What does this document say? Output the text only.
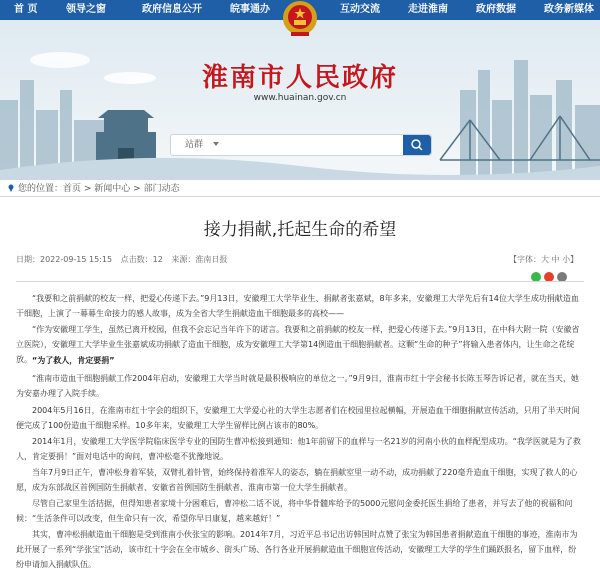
首 页	领导之窗	政府信息公开	皖事通办	互动交流	走进淮南	政府数据	政务新媒体
淮南市人民政府
www.huainan.gov.cn
站群
您的位置：首页 > 新闻中心 > 部门动态
接力捐献,托起生命的希望
日期：2022-09-15 15:15 点击数：12 来源：淮南日报	【字体：大 中 小】
“我要和之前捐献的校友一样，把爱心传递下去。”9月13日，安徽理工大学毕业生、捐献者张嘉斌，8年多来，安徽理工大学先后有14位大学生成功捐献造血干细胞，上演了一幕幕生命接力的感人故事，成为全省大学生捐献造血干细胞最多的高校——
“作为安徽理工学生，虽然已离开校园，但我不会忘记当年许下的诺言。我要和之前捐献的校友一样，把爱心传递下去。”9月13日，在中科大附一院（安徽省立医院），安徽理工大学毕业生张嘉斌成功捐献了造血干细胞，成为安徽理工大学第14例造血干细胞捐献者。这颗“生命的种子”将输入患者体内，让生命之花绽放。 “为了救人，肯定要捐”
“淮南市造血干细胞捐献工作2004年启动，安徽理工大学当时就是最积极响应的单位之一。”9月9日，淮南市红十字会秘书长陈玉琴告诉记者，就在当天，她为安嘉办理了入院手续。
2004年5月16日，在淮南市红十字会的组织下，安徽理工大学爱心社的大学生志愿者们在校园里拉起横幅，开展造血干细胞捐献宣传活动，只用了半天时间便完成了100份造血干细胞采样。10多年来，安徽理工大学生留样比例占该市的80%。
2014年1月，安徽理工大学医学院临床医学专业的国防生曹冲松接到通知：他1年前留下的血样与一名21岁的河南小伙的血样配型成功。“我学医就是为了救人，肯定要捐！”面对电话中的询问，曹冲松毫不犹豫地说。
当年7月9日正午，曹冲松身着军装，双臂扎着针管，始终保持着准军人的姿态，躺在捐献室里一动不动，成功捐献了220毫升造血干细胞，实现了救人的心愿，成为东部战区首例国防生捐献者、安徽省首例国防生捐献者、淮南市第一位大学生捐献者。
尽管自己家里生活拮据，但得知患者家境十分困难后，曹冲松二话不说，将中华骨髓库给予的5000元慰问金委托医生捐给了患者，并写去了他的祝福和问候：“生活条件可以改变，但生命只有一次，希望你早日康复，越来越好！”
其实，曹冲松捐献造血干细胞是受到淮南小伙张宝的影响。2014年7月，习近平总书记出访韩国时点赞了张宝为韩国患者捐献造血干细胞的事迹，淮南市为此开展了一系列“学张宝”活动，该市红十字会在全市城乡、街头广场、各行各业开展捐献造血干细胞宣传活动，安徽理工大学的学生们踊跃报名，留下血样，纷纷申请加入捐献队伍。
